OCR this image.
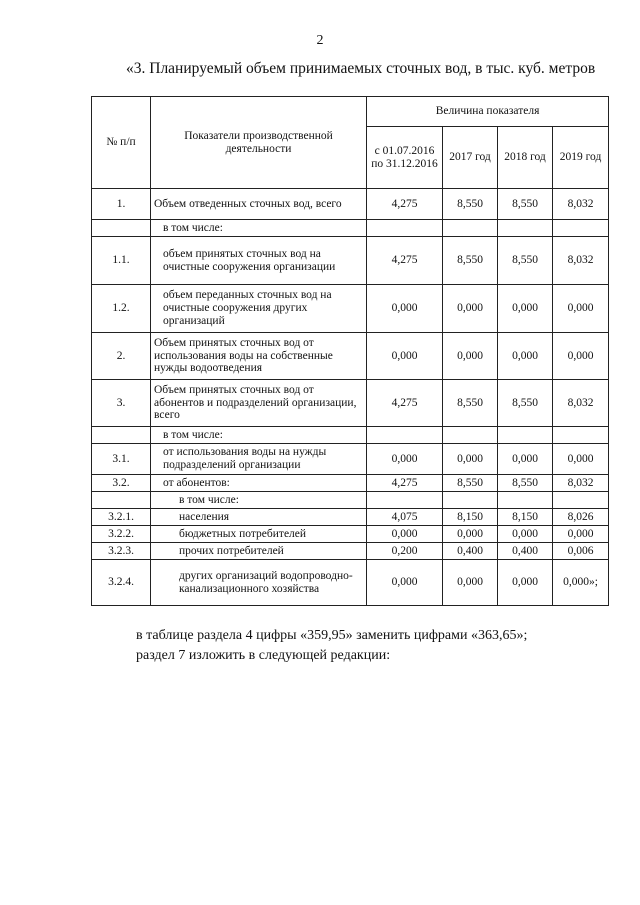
2
«3. Планируемый объем принимаемых сточных вод, в тыс. куб. метров
№ п/п	Показатели производственной деятельности	Величина показателя			
		с 01.07.2016 по 31.12.2016	2017 год	2018 год	2019 год
1.	Объем отведенных сточных вод, всего	4,275	8,550	8,550	8,032
	в том числе:				
1.1.	объем принятых сточных вод на очистные сооружения организации	4,275	8,550	8,550	8,032
1.2.	объем переданных сточных вод на очистные сооружения других организаций	0,000	0,000	0,000	0,000
2.	Объем принятых сточных вод от использования воды на собственные нужды водоотведения	0,000	0,000	0,000	0,000
3.	Объем принятых сточных вод от абонентов и подразделений организации, всего	4,275	8,550	8,550	8,032
	в том числе:				
3.1.	от использования воды на нужды подразделений организации	0,000	0,000	0,000	0,000
3.2.	от абонентов:	4,275	8,550	8,550	8,032
	в том числе:				
3.2.1.	населения	4,075	8,150	8,150	8,026
3.2.2.	бюджетных потребителей	0,000	0,000	0,000	0,000
3.2.3.	прочих потребителей	0,200	0,400	0,400	0,006
3.2.4.	других организаций водопроводно-канализационного хозяйства	0,000	0,000	0,000	0,000»;
в таблице раздела 4 цифры «359,95» заменить цифрами «363,65»;
раздел 7 изложить в следующей редакции:
